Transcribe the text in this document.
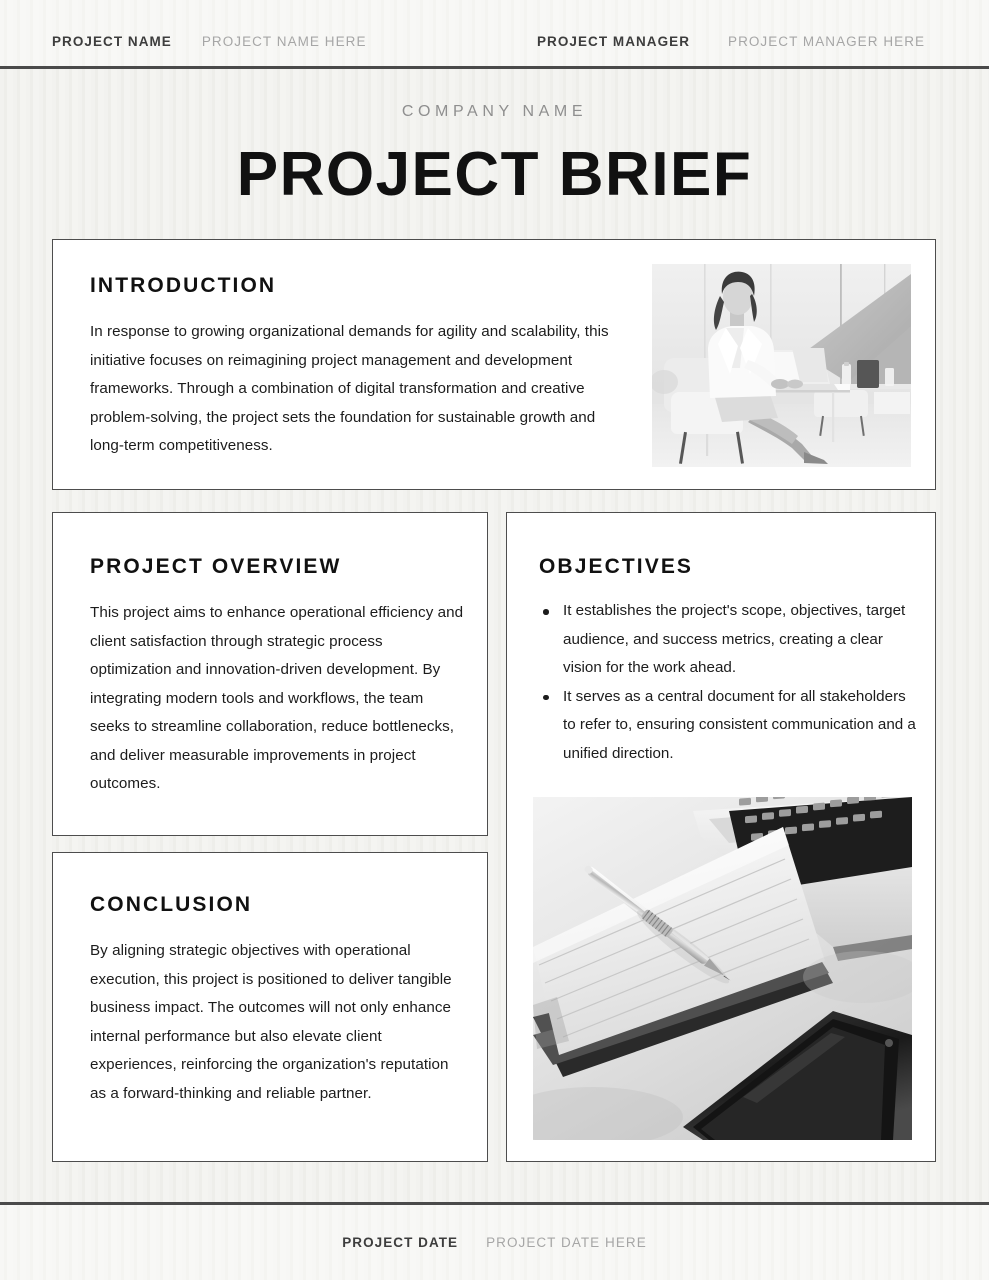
PROJECT NAME PROJECT NAME HERE	PROJECT MANAGER	PROJECT MANAGER HERE
COMPANY NAME
PROJECT BRIEF
INTRODUCTION

In response to growing organizational demands for agility and scalability, this initiative focuses on reimagining project management and development frameworks. Through a combination of digital transformation and creative problem-solving, the project sets the foundation for sustainable growth and long-term competitiveness.

PROJECT OVERVIEW

This project aims to enhance operational efficiency and client satisfaction through strategic process optimization and innovation-driven development. By integrating modern tools and workflows, the team seeks to streamline collaboration, reduce bottlenecks, and deliver measurable improvements in project outcomes.

CONCLUSION

By aligning strategic objectives with operational execution, this project is positioned to deliver tangible business impact. The outcomes will not only enhance internal performance but also elevate client experiences, reinforcing the organization's reputation as a forward-thinking and reliable partner.

OBJECTIVES
It establishes the project's scope, objectives, target audience, and success metrics, creating a clear vision for the work ahead.
It serves as a central document for all stakeholders to refer to, ensuring consistent communication and a unified direction.
PROJECT DATE PROJECT DATE HERE
